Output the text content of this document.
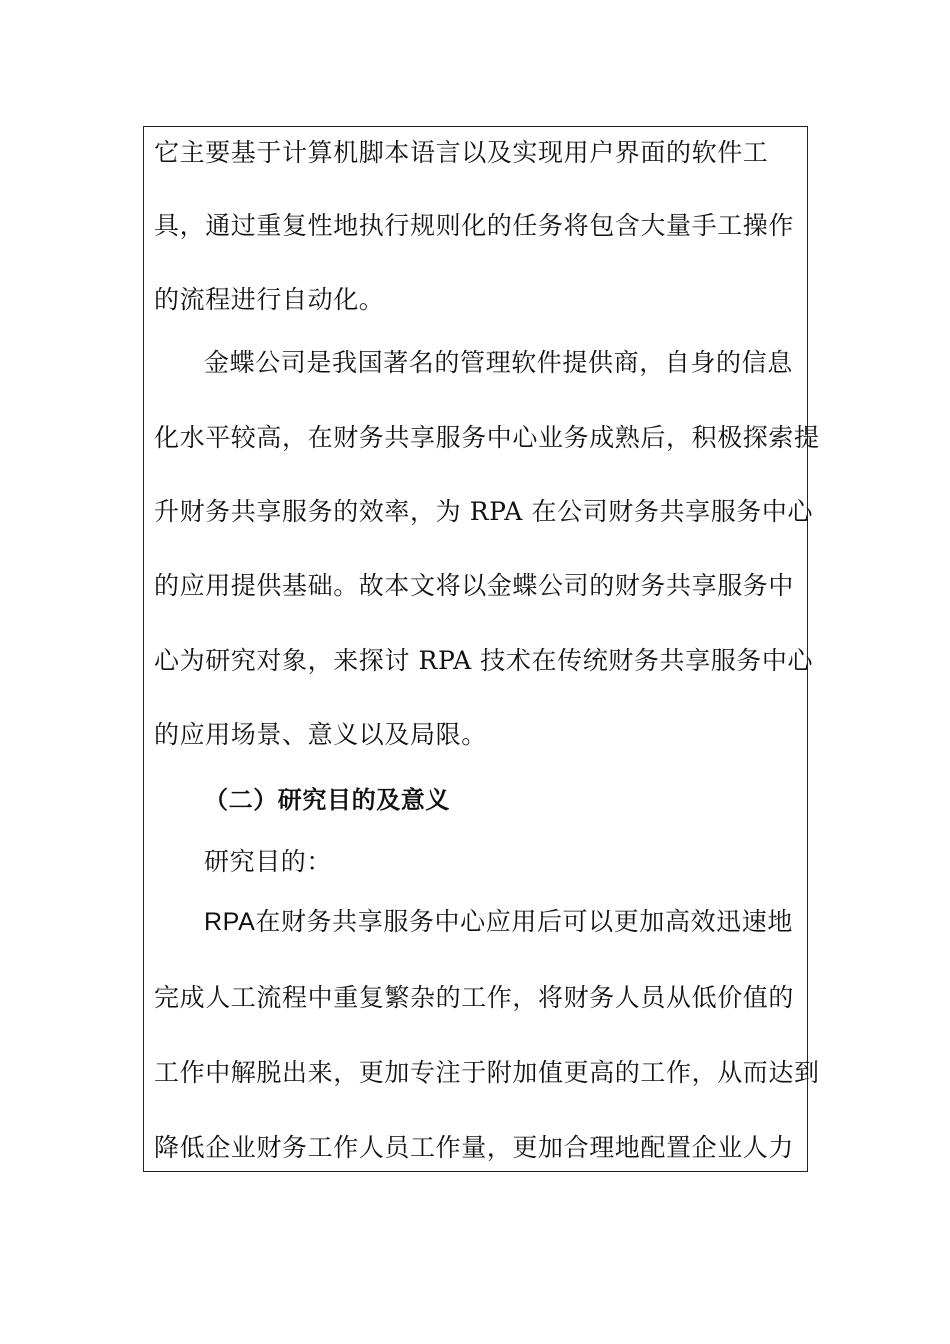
它主要基于计算机脚本语言以及实现用户界面的软件工
具，通过重复性地执行规则化的任务将包含大量手工操作
的流程进行自动化。
金蝶公司是我国著名的管理软件提供商，自身的信息
化水平较高，在财务共享服务中心业务成熟后，积极探索提
升财务共享服务的效率，为 RPA 在公司财务共享服务中心
的应用提供基础。故本文将以金蝶公司的财务共享服务中
心为研究对象，来探讨 RPA 技术在传统财务共享服务中心
的应用场景、意义以及局限。
（二）研究目的及意义
研究目的：
RPA在财务共享服务中心应用后可以更加高效迅速地
完成人工流程中重复繁杂的工作，将财务人员从低价值的
工作中解脱出来，更加专注于附加值更高的工作，从而达到
降低企业财务工作人员工作量，更加合理地配置企业人力
